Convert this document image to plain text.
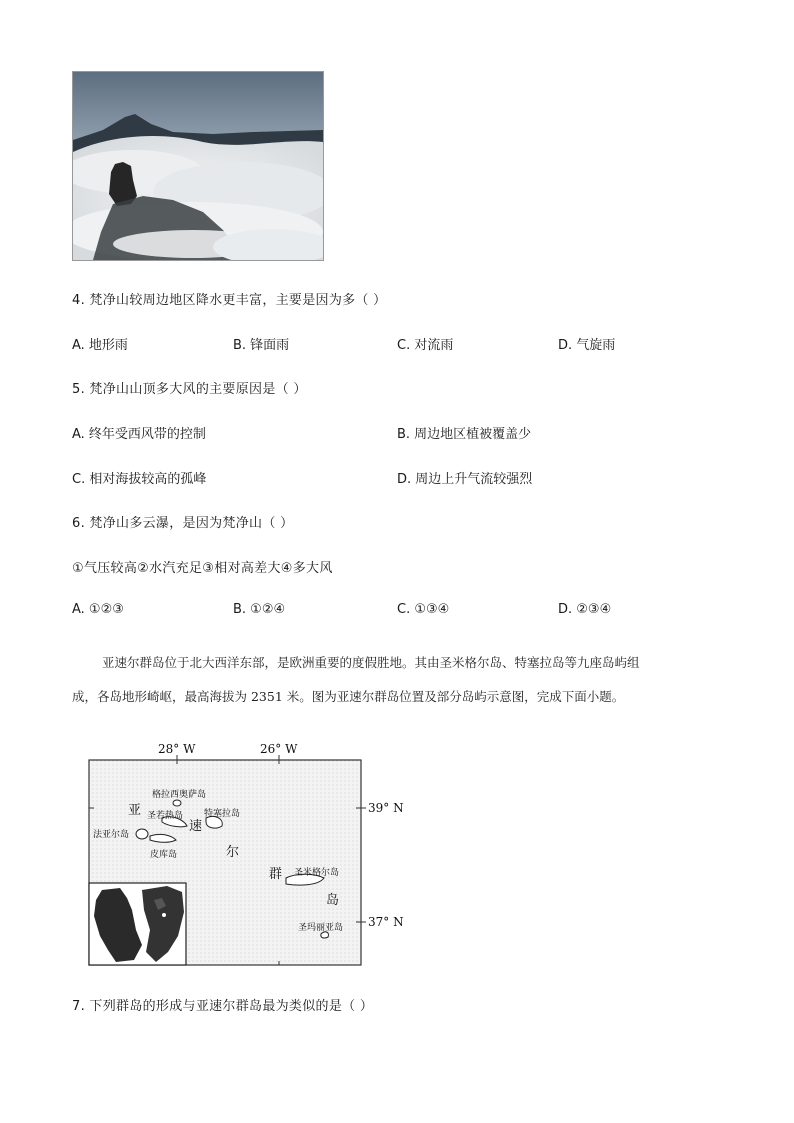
4. 梵净山较周边地区降水更丰富，主要是因为多（ ）
A. 地形雨	B. 锋面雨	C. 对流雨	D. 气旋雨
5. 梵净山山顶多大风的主要原因是（ ）
A. 终年受西风带的控制	B. 周边地区植被覆盖少
C. 相对海拔较高的孤峰	D. 周边上升气流较强烈
6. 梵净山多云瀑，是因为梵净山（ ）
①气压较高②水汽充足③相对高差大④多大风
A. ①②③	B. ①②④	C. ①③④	D. ②③④
亚速尔群岛位于北大西洋东部，是欧洲重要的度假胜地。其由圣米格尔岛、特塞拉岛等九座岛屿组
成，各岛地形崎岖，最高海拔为 2351 米。图为亚速尔群岛位置及部分岛屿示意图，完成下面小题。
28° W	26° W
39° N
37° N
格拉西奥萨岛
圣若热岛 特塞拉岛
法亚尔岛
皮库岛
圣米格尔岛
圣玛丽亚岛
亚
速
尔
群
岛
7. 下列群岛的形成与亚速尔群岛最为类似的是（ ）
